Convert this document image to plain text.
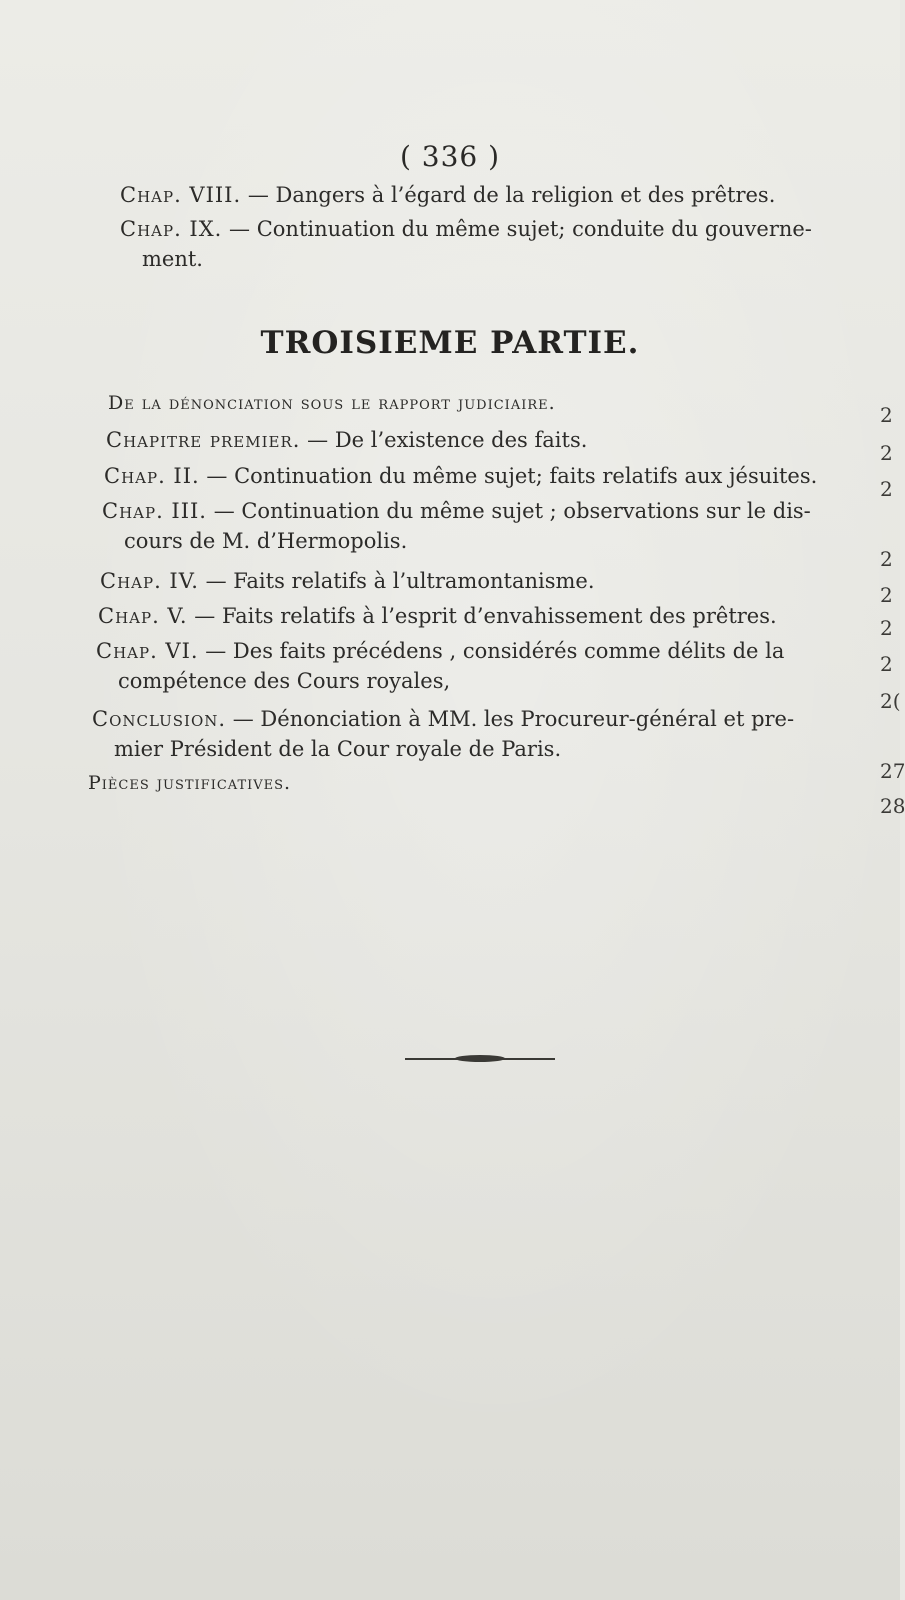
( 336 )
Chap. VIII. — Dangers à l’égard de la religion et des prêtres.
Chap. IX. — Continuation du même sujet; conduite du gouverne-
ment.
TROISIEME PARTIE.
De la dénonciation sous le rapport judiciaire.
Chapitre premier. — De l’existence des faits.
Chap. II. — Continuation du même sujet; faits relatifs aux jésuites.
Chap. III. — Continuation du même sujet ; observations sur le dis-
cours de M. d’Hermopolis.
Chap. IV. — Faits relatifs à l’ultramontanisme.
Chap. V. — Faits relatifs à l’esprit d’envahissement des prêtres.
Chap. VI. — Des faits précédens , considérés comme délits de la
compétence des Cours royales,
Conclusion. — Dénonciation à MM. les Procureur-général et pre-
mier Président de la Cour royale de Paris.
Pièces justificatives.
2
2
2
2
2
2
2
2(
27
28
